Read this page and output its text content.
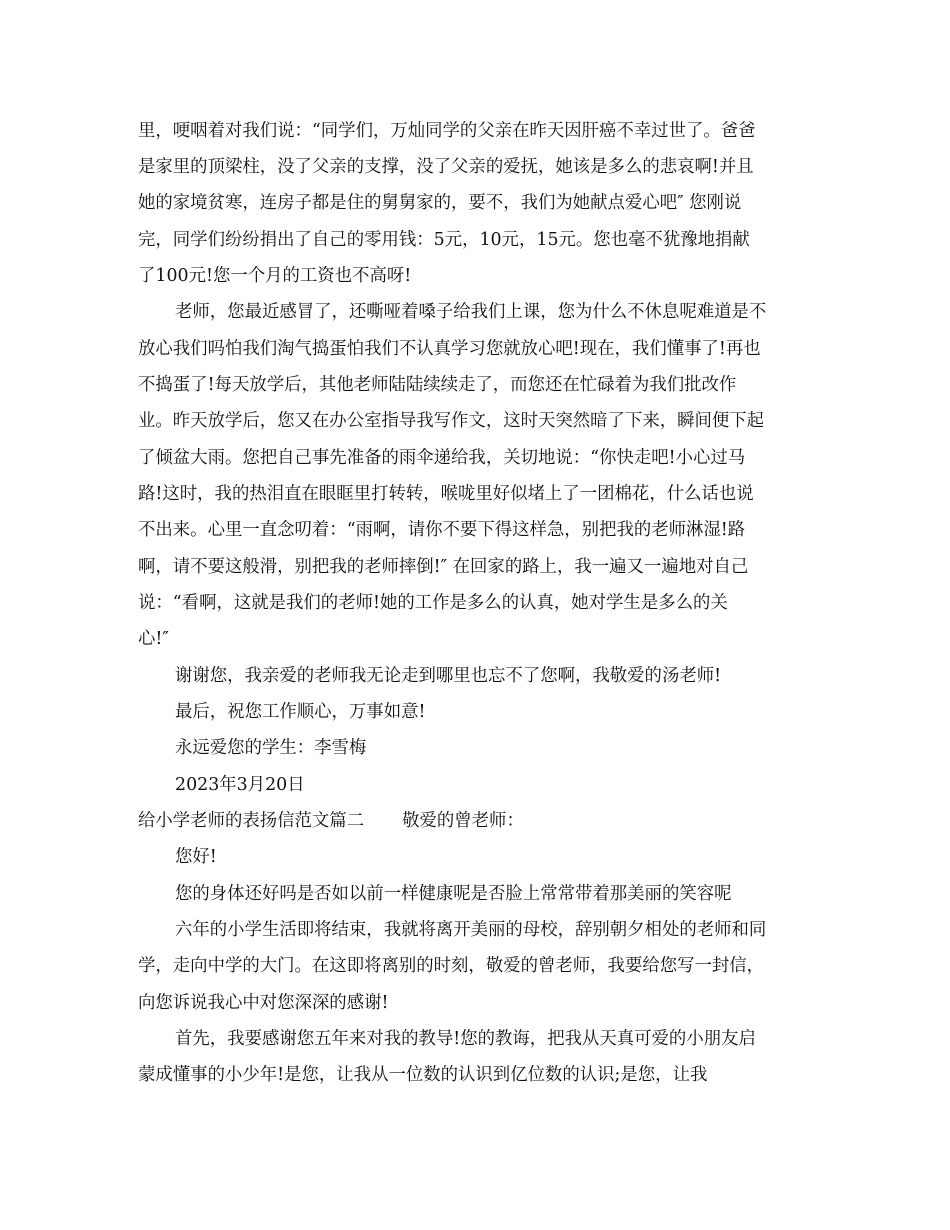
里，哽咽着对我们说：“同学们，万灿同学的父亲在昨天因肝癌不幸过世了。爸爸

是家里的顶梁柱，没了父亲的支撑，没了父亲的爱抚，她该是多么的悲哀啊!并且

她的家境贫寒，连房子都是住的舅舅家的，要不，我们为她献点爱心吧″ 您刚说

完，同学们纷纷捐出了自己的零用钱：5元，10元，15元。您也毫不犹豫地捐献

了100元!您一个月的工资也不高呀!

老师，您最近感冒了，还嘶哑着嗓子给我们上课，您为什么不休息呢难道是不

放心我们吗怕我们淘气捣蛋怕我们不认真学习您就放心吧!现在，我们懂事了!再也

不捣蛋了!每天放学后，其他老师陆陆续续走了，而您还在忙碌着为我们批改作

业。昨天放学后，您又在办公室指导我写作文，这时天突然暗了下来，瞬间便下起

了倾盆大雨。您把自己事先准备的雨伞递给我，关切地说：“你快走吧!小心过马

路!这时，我的热泪直在眼眶里打转转，喉咙里好似堵上了一团棉花，什么话也说

不出来。心里一直念叨着：“雨啊，请你不要下得这样急，别把我的老师淋湿!路

啊，请不要这般滑，别把我的老师摔倒!″ 在回家的路上，我一遍又一遍地对自己

说：“看啊，这就是我们的老师!她的工作是多么的认真，她对学生是多么的关

心!″

谢谢您，我亲爱的老师我无论走到哪里也忘不了您啊，我敬爱的汤老师!

最后，祝您工作顺心，万事如意!

永远爱您的学生：李雪梅

2023年3月20日

给小学老师的表扬信范文篇二 敬爱的曾老师：

您好!

您的身体还好吗是否如以前一样健康呢是否脸上常常带着那美丽的笑容呢

六年的小学生活即将结束，我就将离开美丽的母校，辞别朝夕相处的老师和同

学，走向中学的大门。在这即将离别的时刻，敬爱的曾老师，我要给您写一封信，

向您诉说我心中对您深深的感谢!

首先，我要感谢您五年来对我的教导!您的教诲，把我从天真可爱的小朋友启

蒙成懂事的小少年!是您，让我从一位数的认识到亿位数的认识;是您，让我
